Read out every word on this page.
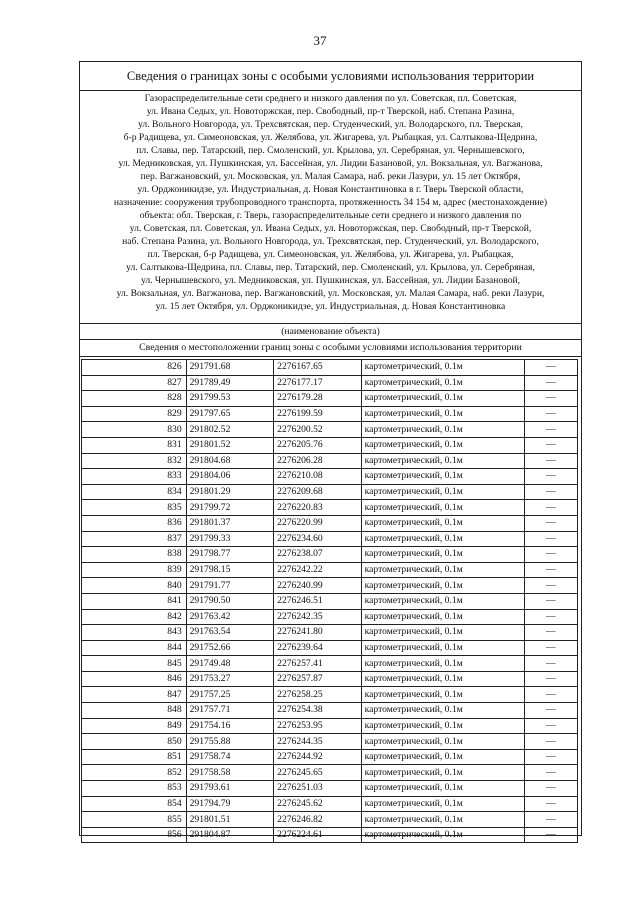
37
Сведения о границах зоны с особыми условиями использования территории
Газораспределительные сети среднего и низкого давления по ул. Советская, пл. Советская,
ул. Ивана Седых, ул. Новоторжская, пер. Свободный, пр-т Тверской, наб. Степана Разина,
ул. Вольного Новгорода, ул. Трехсвятская, пер. Студенческий, ул. Володарского, пл. Тверская,
б-р Радищева, ул. Симеоновская, ул. Желябова, ул. Жигарева, ул. Рыбацкая, ул. Салтыкова-Щедрина,
пл. Славы, пер. Татарский, пер. Смоленский, ул. Крылова, ул. Серебряная, ул. Чернышевского,
ул. Медниковская, ул. Пушкинская, ул. Бассейная, ул. Лидии Базановой, ул. Вокзальная, ул. Вагжанова,
пер. Вагжановский, ул. Московская, ул. Малая Самара, наб. реки Лазури, ул. 15 лет Октября,
ул. Орджоникидзе, ул. Индустриальная, д. Новая Константиновка в г. Тверь Тверской области,
назначение: сооружения трубопроводного транспорта, протяженность 34 154 м, адрес (местонахождение)
объекта: обл. Тверская, г. Тверь, газораспределительные сети среднего и низкого давления по
ул. Советская, пл. Советская, ул. Ивана Седых, ул. Новоторжская, пер. Свободный, пр-т Тверской,
наб. Степана Разина, ул. Вольного Новгорода, ул. Трехсвятская, пер. Студенческий, ул. Володарского,
пл. Тверская, б-р Радищева, ул. Симеоновская, ул. Желябова, ул. Жигарева, ул. Рыбацкая,
ул. Салтыкова-Щедрина, пл. Славы, пер. Татарский, пер. Смоленский, ул. Крылова, ул. Серебряная,
ул. Чернышевского, ул. Медниковская, ул. Пушкинская, ул. Бассейная, ул. Лидии Базановой,
ул. Вокзальная, ул. Вагжанова, пер. Вагжановский, ул. Московская, ул. Малая Самара, наб. реки Лазури,
ул. 15 лет Октября, ул. Орджоникидзе, ул. Индустриальная, д. Новая Константиновка
(наименование объекта)
Сведения о местоположении границ зоны с особыми условиями использования территории
826	291791.68	2276167.65	картометрический, 0.1м	—
827	291789.49	2276177.17	картометрический, 0.1м	—
828	291799.53	2276179.28	картометрический, 0.1м	—
829	291797.65	2276199.59	картометрический, 0.1м	—
830	291802.52	2276200.52	картометрический, 0.1м	—
831	291801.52	2276205.76	картометрический, 0.1м	—
832	291804.68	2276206.28	картометрический, 0.1м	—
833	291804.06	2276210.08	картометрический, 0.1м	—
834	291801.29	2276209.68	картометрический, 0.1м	—
835	291799.72	2276220.83	картометрический, 0.1м	—
836	291801.37	2276220.99	картометрический, 0.1м	—
837	291799.33	2276234.60	картометрический, 0.1м	—
838	291798.77	2276238.07	картометрический, 0.1м	—
839	291798.15	2276242.22	картометрический, 0.1м	—
840	291791.77	2276240.99	картометрический, 0.1м	—
841	291790.50	2276246.51	картометрический, 0.1м	—
842	291763.42	2276242.35	картометрический, 0.1м	—
843	291763.54	2276241.80	картометрический, 0.1м	—
844	291752.66	2276239.64	картометрический, 0.1м	—
845	291749.48	2276257.41	картометрический, 0.1м	—
846	291753.27	2276257.87	картометрический, 0.1м	—
847	291757.25	2276258.25	картометрический, 0.1м	—
848	291757.71	2276254.38	картометрический, 0.1м	—
849	291754.16	2276253.95	картометрический, 0.1м	—
850	291755.88	2276244.35	картометрический, 0.1м	—
851	291758.74	2276244.92	картометрический, 0.1м	—
852	291758.58	2276245.65	картометрический, 0.1м	—
853	291793.61	2276251.03	картометрический, 0.1м	—
854	291794.79	2276245.62	картометрический, 0.1м	—
855	291801.51	2276246.82	картометрический, 0.1м	—
856	291804.87	2276224.61	картометрический, 0.1м	—
